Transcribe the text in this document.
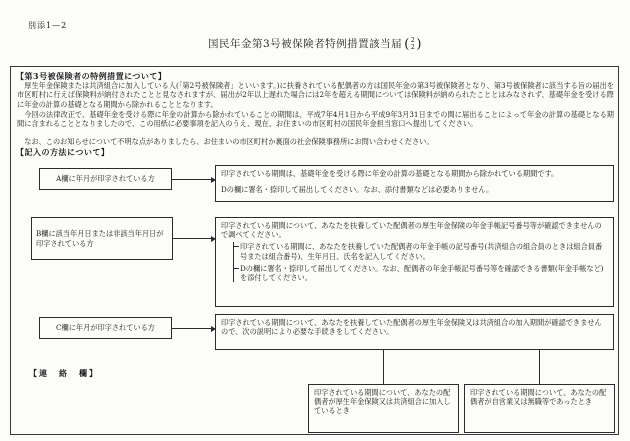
別添1—2
国民年金第3号被保険者特例措置該当届 ( 2
2 )
【第3号被保険者の特例措置について】
　厚生年金保険または共済組合に加入している人(「第2号被保険者」といいます。)に扶養されている配偶者の方は国民年金の第3号被保険者となり、第3号被保険者に該当する旨の届出を市区町村に行えば保険料が納付されたことと見なされますが、届出が2年以上遅れた場合には2年を超える期間については保険料が納められたこととはみなされず、基礎年金を受ける際に年金の計算の基礎となる期間から除かれることとなります。
　今回の法律改正で、基礎年金を受ける際に年金の計算から除かれていることの期間は、平成7年4月1日から平成9年3月31日までの間に届出ることによって年金の計算の基礎となる期間に含まれることとなりましたので、この用紙に必要事項を記入のうえ、現在、お住まいの市区町村の国民年金担当窓口へ提出してください。
　なお、このお知らせについて不明な点がありましたら、お住まいの市区町村か裏面の社会保険事務所にお問い合わせください。
【記入の方法について】
A欄に年月が印字されている方
印字されている期間は、基礎年金を受ける際に年金の計算の基礎となる期間から除かれている期間です。
Dの欄に署名・捺印して届出してください。なお、添付書類などは必要ありません。
B欄に該当年月日または非該当年月日が印字されている方
印字されている期間について、あなたを扶養していた配偶者の厚生年金保険の年金手帳記号番号等が確認できませんので調べてください。
印字されている期間に、あなたを扶養していた配偶者の年金手帳の記号番号(共済組合の組合員のときは組合員番号または組合番号)、生年月日、氏名を記入してください。
Dの欄に署名・捺印して届出してください。なお、配偶者の年金手帳記号番号等を確認できる書類(年金手帳など)を添付してください。
C欄に年月が印字されている方
印字されている期間について、あなたを扶養していた配偶者の厚生年金保険又は共済組合の加入期間が確認できませんので、次の説明により必要な手続きをしてください。
【連　絡　欄】
印字されている期間について、あなたの配偶者が厚生年金保険又は共済組合に加入しているとき
印字されている期間について、あなたの配偶者が自営業又は無職等であったとき
